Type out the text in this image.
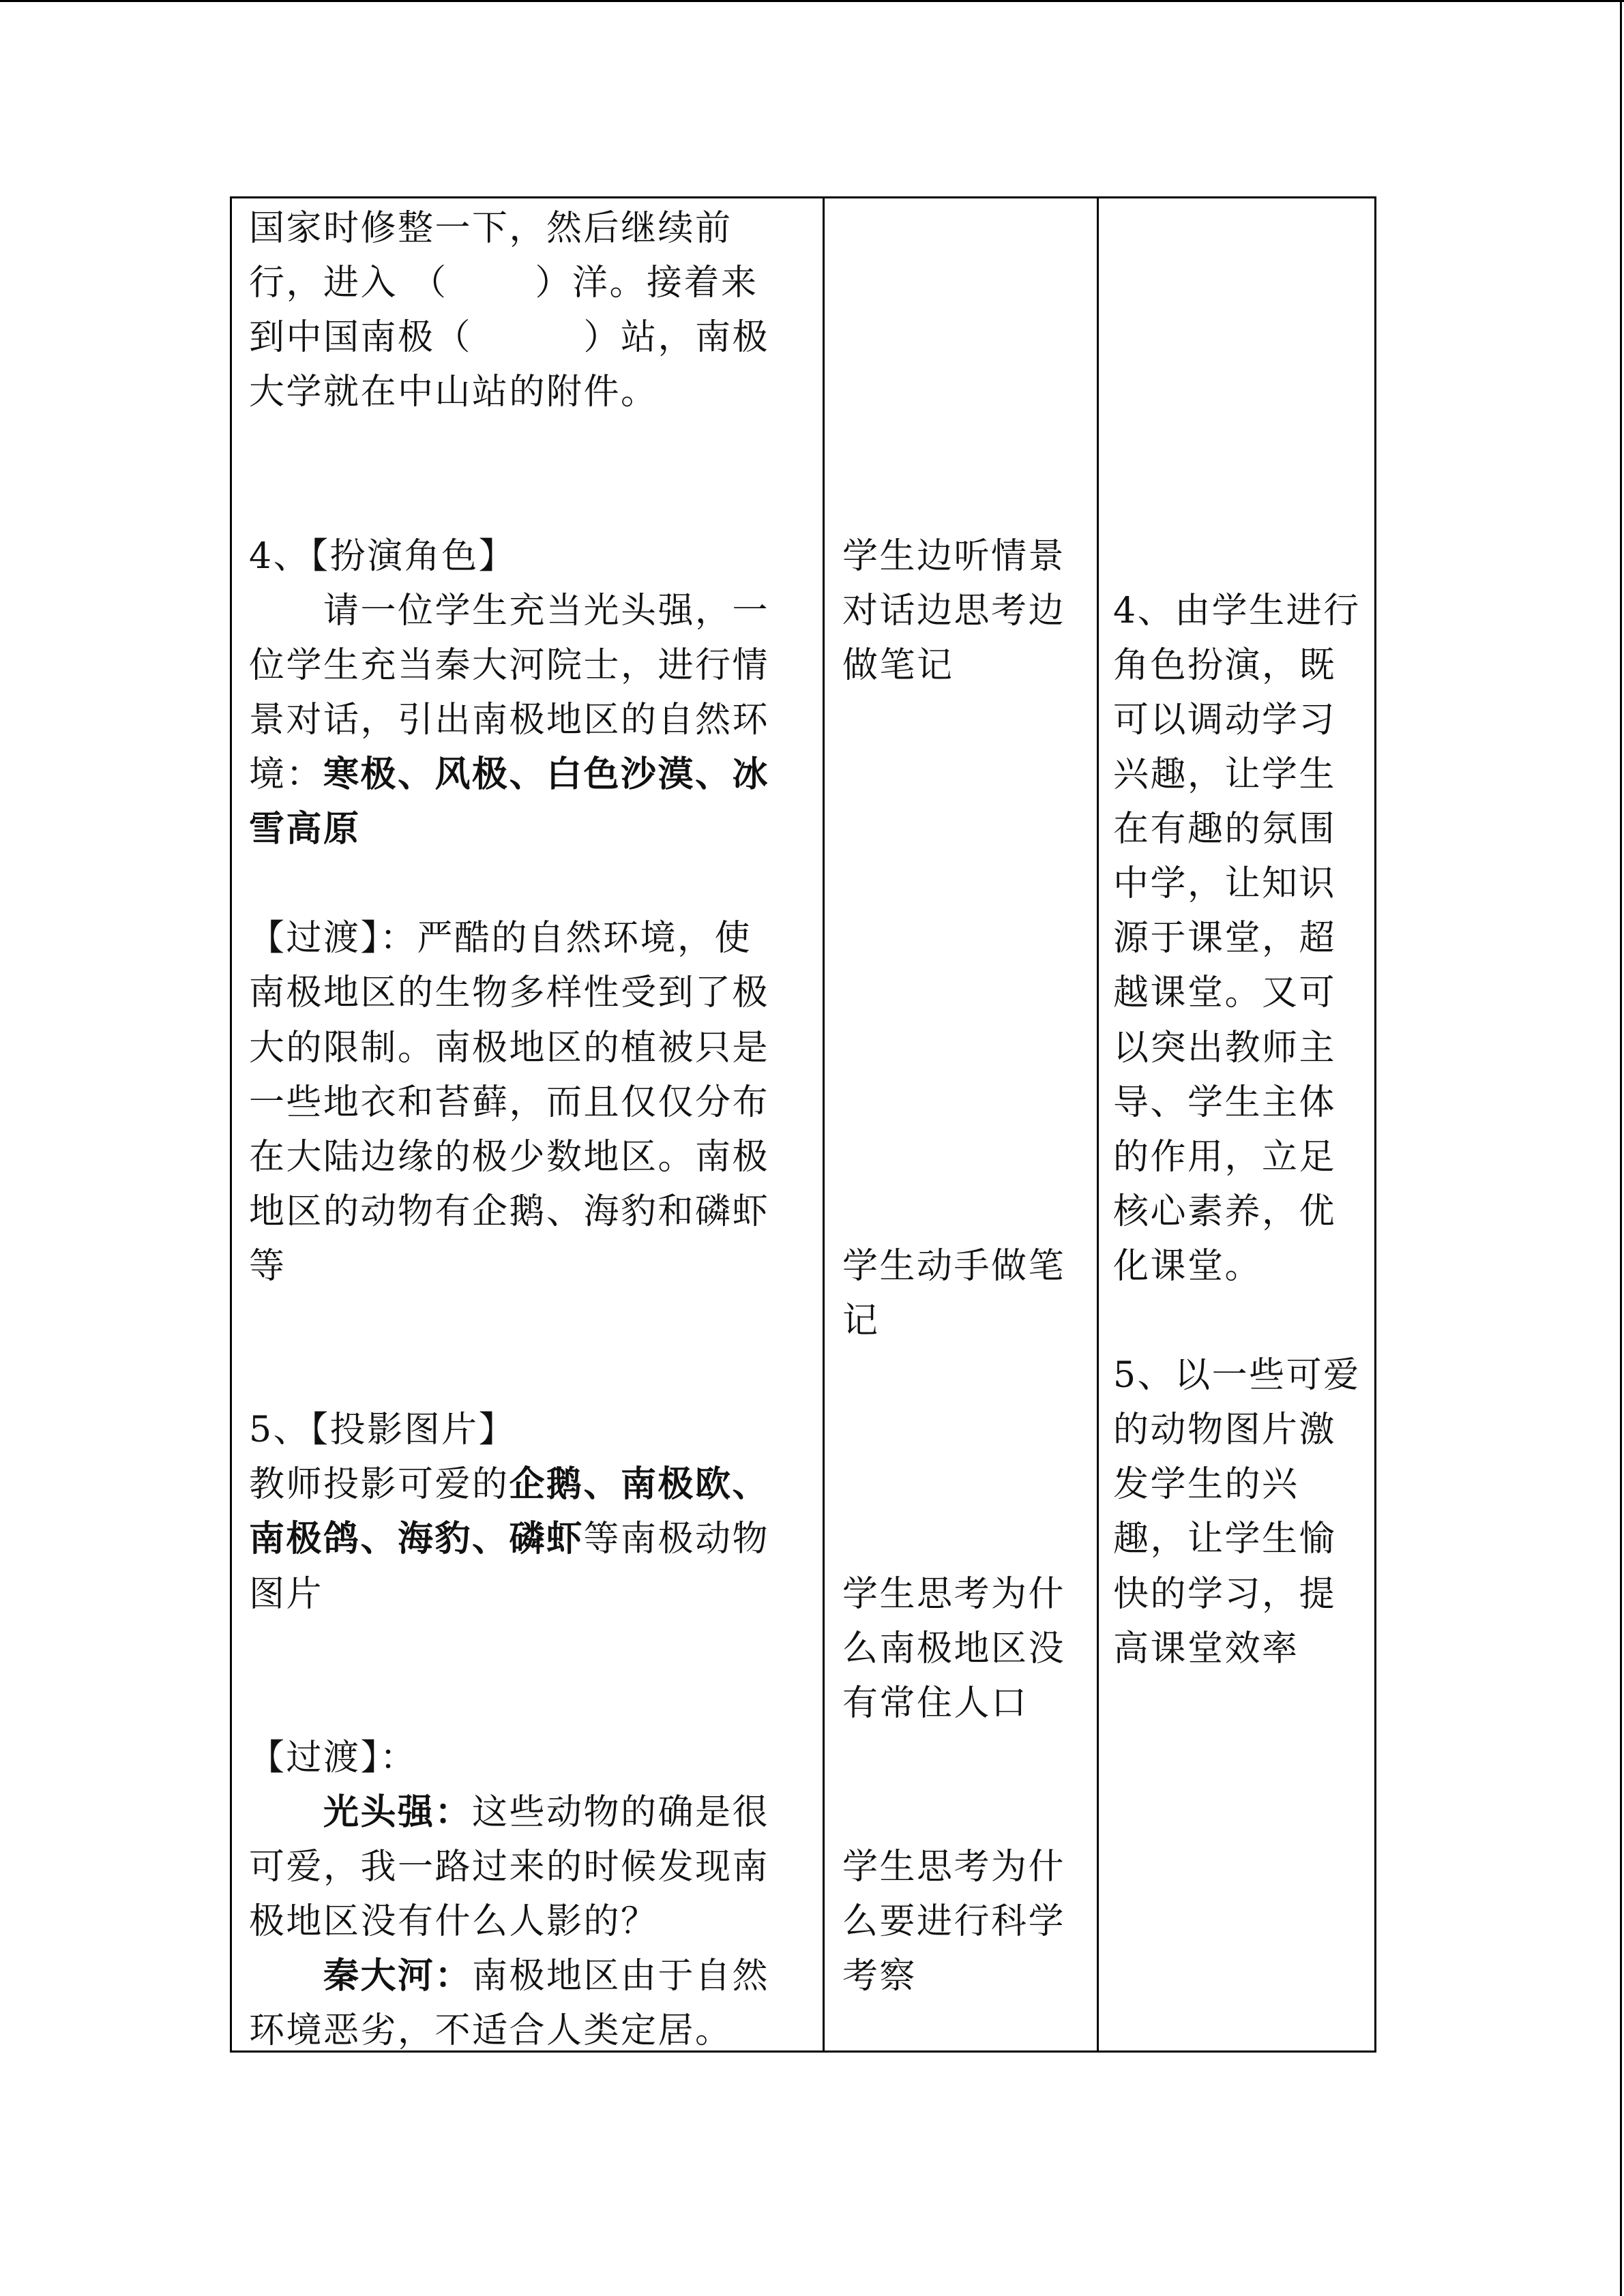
国家时修整一下，然后继续前
行，进入 （　　 ）洋。接着来
到中国南极（　　　）站，南极
大学就在中山站的附件。
4、【扮演角色】
请一位学生充当光头强，一
位学生充当秦大河院士，进行情
景对话，引出南极地区的自然环
境：寒极、风极、白色沙漠、冰
雪高原
【过渡】：严酷的自然环境，使
南极地区的生物多样性受到了极
大的限制。南极地区的植被只是
一些地衣和苔藓，而且仅仅分布
在大陆边缘的极少数地区。南极
地区的动物有企鹅、海豹和磷虾
等
5、【投影图片】
教师投影可爱的企鹅、南极欧、
南极鸽、海豹、磷虾等南极动物
图片
【过渡】：
光头强：这些动物的确是很
可爱，我一路过来的时候发现南
极地区没有什么人影的？
秦大河：南极地区由于自然
环境恶劣，不适合人类定居。
学生边听情景
对话边思考边
做笔记
学生动手做笔
记
学生思考为什
么南极地区没
有常住人口
学生思考为什
么要进行科学
考察
4、由学生进行
角色扮演，既
可以调动学习
兴趣，让学生
在有趣的氛围
中学，让知识
源于课堂，超
越课堂。又可
以突出教师主
导、学生主体
的作用，立足
核心素养，优
化课堂。
5、以一些可爱
的动物图片激
发学生的兴
趣，让学生愉
快的学习，提
高课堂效率
